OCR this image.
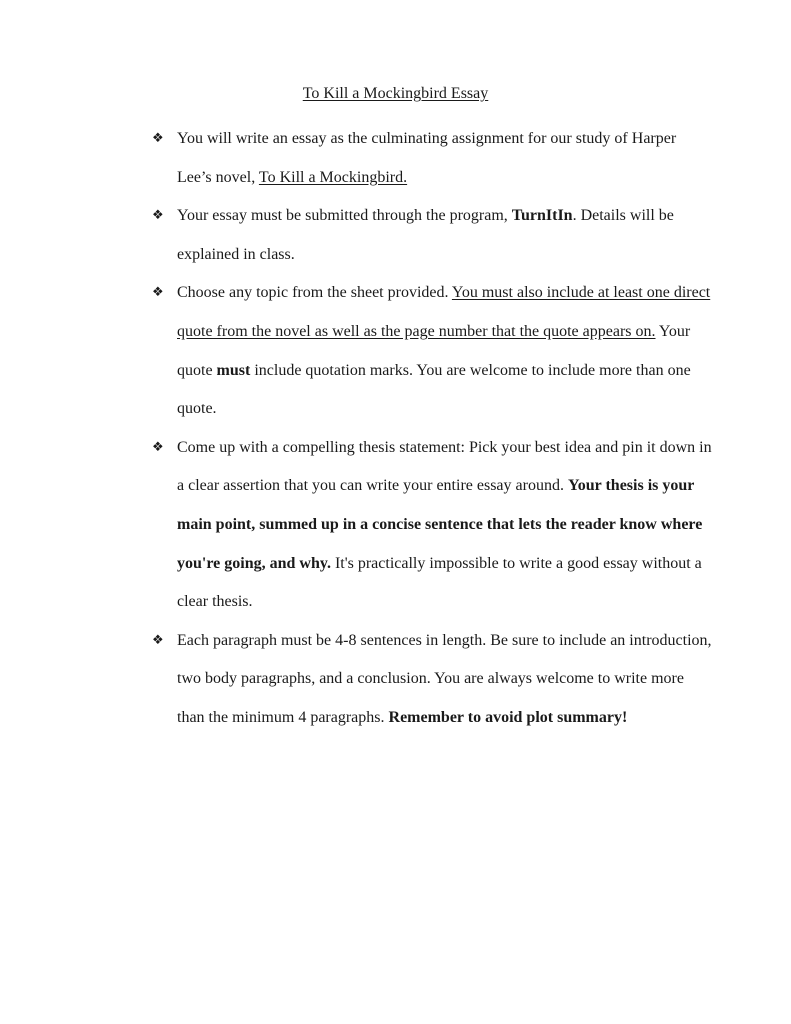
To Kill a Mockingbird Essay
❖ You will write an essay as the culminating assignment for our study of Harper Lee’s novel, To Kill a Mockingbird.
❖ Your essay must be submitted through the program, TurnItIn. Details will be explained in class.
❖ Choose any topic from the sheet provided. You must also include at least one direct quote from the novel as well as the page number that the quote appears on. Your quote must include quotation marks. You are welcome to include more than one quote.
❖ Come up with a compelling thesis statement: Pick your best idea and pin it down in a clear assertion that you can write your entire essay around. Your thesis is your main point, summed up in a concise sentence that lets the reader know where you're going, and why. It's practically impossible to write a good essay without a clear thesis.
❖ Each paragraph must be 4-8 sentences in length. Be sure to include an introduction, two body paragraphs, and a conclusion. You are always welcome to write more than the minimum 4 paragraphs. Remember to avoid plot summary!
